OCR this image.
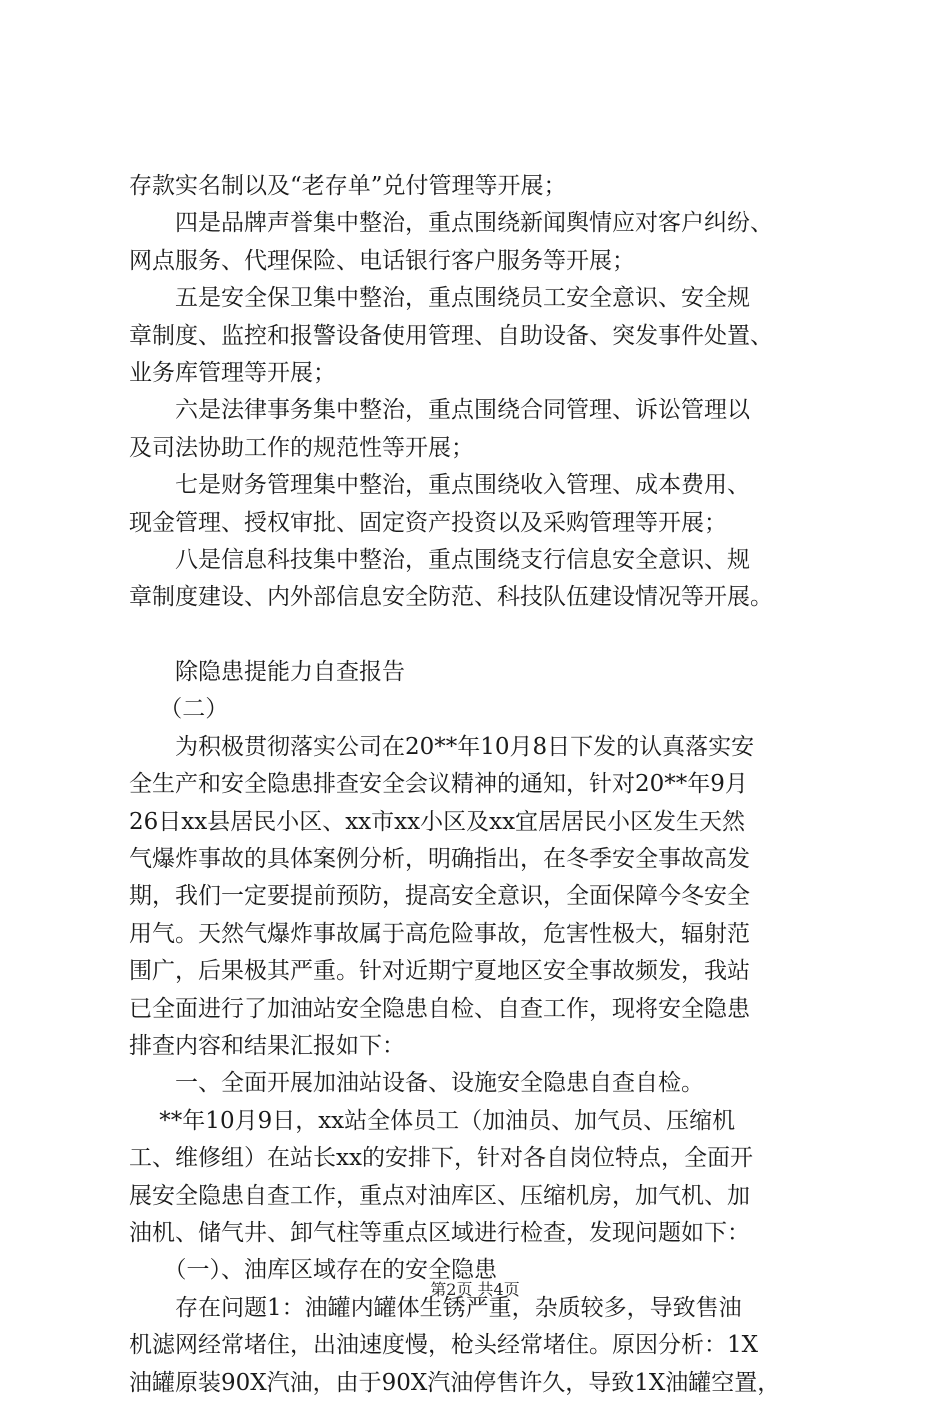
存款实名制以及“老存单”兑付管理等开展；
　　四是品牌声誉集中整治，重点围绕新闻舆情应对客户纠纷、
网点服务、代理保险、电话银行客户服务等开展；
　　五是安全保卫集中整治，重点围绕员工安全意识、安全规
章制度、监控和报警设备使用管理、自助设备、突发事件处置、
业务库管理等开展；
　　六是法律事务集中整治，重点围绕合同管理、诉讼管理以
及司法协助工作的规范性等开展；
　　七是财务管理集中整治，重点围绕收入管理、成本费用、
现金管理、授权审批、固定资产投资以及采购管理等开展；
　　八是信息科技集中整治，重点围绕支行信息安全意识、规
章制度建设、内外部信息安全防范、科技队伍建设情况等开展。
　　除隐患提能力自查报告
　 （二）
　　为积极贯彻落实公司在20**年10月8日下发的认真落实安
全生产和安全隐患排查安全会议精神的通知，针对20**年9月
26日xx县居民小区、xx市xx小区及xx宜居居民小区发生天然
气爆炸事故的具体案例分析，明确指出，在冬季安全事故高发
期，我们一定要提前预防，提高安全意识，全面保障今冬安全
用气。天然气爆炸事故属于高危险事故，危害性极大，辐射范
围广，后果极其严重。针对近期宁夏地区安全事故频发，我站
已全面进行了加油站安全隐患自检、自查工作，现将安全隐患
排查内容和结果汇报如下：
　　一、全面开展加油站设备、设施安全隐患自查自检。
　 **年10月9日，xx站全体员工（加油员、加气员、压缩机
工、维修组）在站长xx的安排下，针对各自岗位特点，全面开
展安全隐患自查工作，重点对油库区、压缩机房，加气机、加
油机、储气井、卸气柱等重点区域进行检查，发现问题如下：
　　（一）、油库区域存在的安全隐患
　　存在问题1：油罐内罐体生锈严重，杂质较多，导致售油
机滤网经常堵住，出油速度慢，枪头经常堵住。原因分析：1X
油罐原装90X汽油，由于90X汽油停售许久，导致1X油罐空置，
第2页 共4页
